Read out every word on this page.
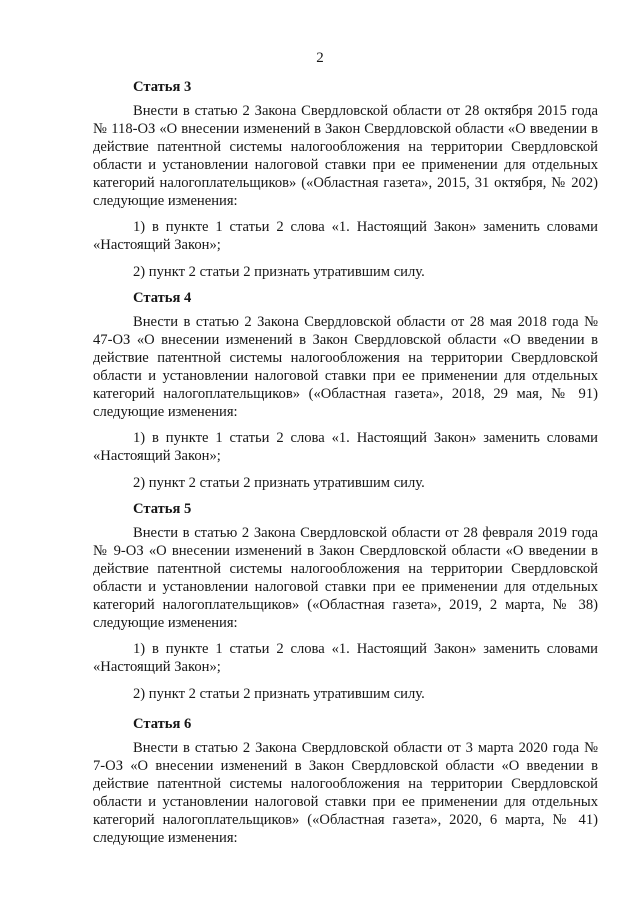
2
Статья 3

Внести в статью 2 Закона Свердловской области от 28 октября 2015 года № 118-ОЗ «О внесении изменений в Закон Свердловской области «О введении в действие патентной системы налогообложения на территории Свердловской области и установлении налоговой ставки при ее применении для отдельных категорий налогоплательщиков» («Областная газета», 2015, 31 октября, № 202) следующие изменения:

1) в пункте 1 статьи 2 слова «1. Настоящий Закон» заменить словами «Настоящий Закон»;

2) пункт 2 статьи 2 признать утратившим силу.

Статья 4

Внести в статью 2 Закона Свердловской области от 28 мая 2018 года № 47-ОЗ «О внесении изменений в Закон Свердловской области «О введении в действие патентной системы налогообложения на территории Свердловской области и установлении налоговой ставки при ее применении для отдельных категорий налогоплательщиков» («Областная газета», 2018, 29 мая, № 91) следующие изменения:

1) в пункте 1 статьи 2 слова «1. Настоящий Закон» заменить словами «Настоящий Закон»;

2) пункт 2 статьи 2 признать утратившим силу.

Статья 5

Внести в статью 2 Закона Свердловской области от 28 февраля 2019 года № 9-ОЗ «О внесении изменений в Закон Свердловской области «О введении в действие патентной системы налогообложения на территории Свердловской области и установлении налоговой ставки при ее применении для отдельных категорий налогоплательщиков» («Областная газета», 2019, 2 марта, № 38) следующие изменения:

1) в пункте 1 статьи 2 слова «1. Настоящий Закон» заменить словами «Настоящий Закон»;

2) пункт 2 статьи 2 признать утратившим силу.

Статья 6

Внести в статью 2 Закона Свердловской области от 3 марта 2020 года № 7-ОЗ «О внесении изменений в Закон Свердловской области «О введении в действие патентной системы налогообложения на территории Свердловской области и установлении налоговой ставки при ее применении для отдельных категорий налогоплательщиков» («Областная газета», 2020, 6 марта, № 41) следующие изменения:
